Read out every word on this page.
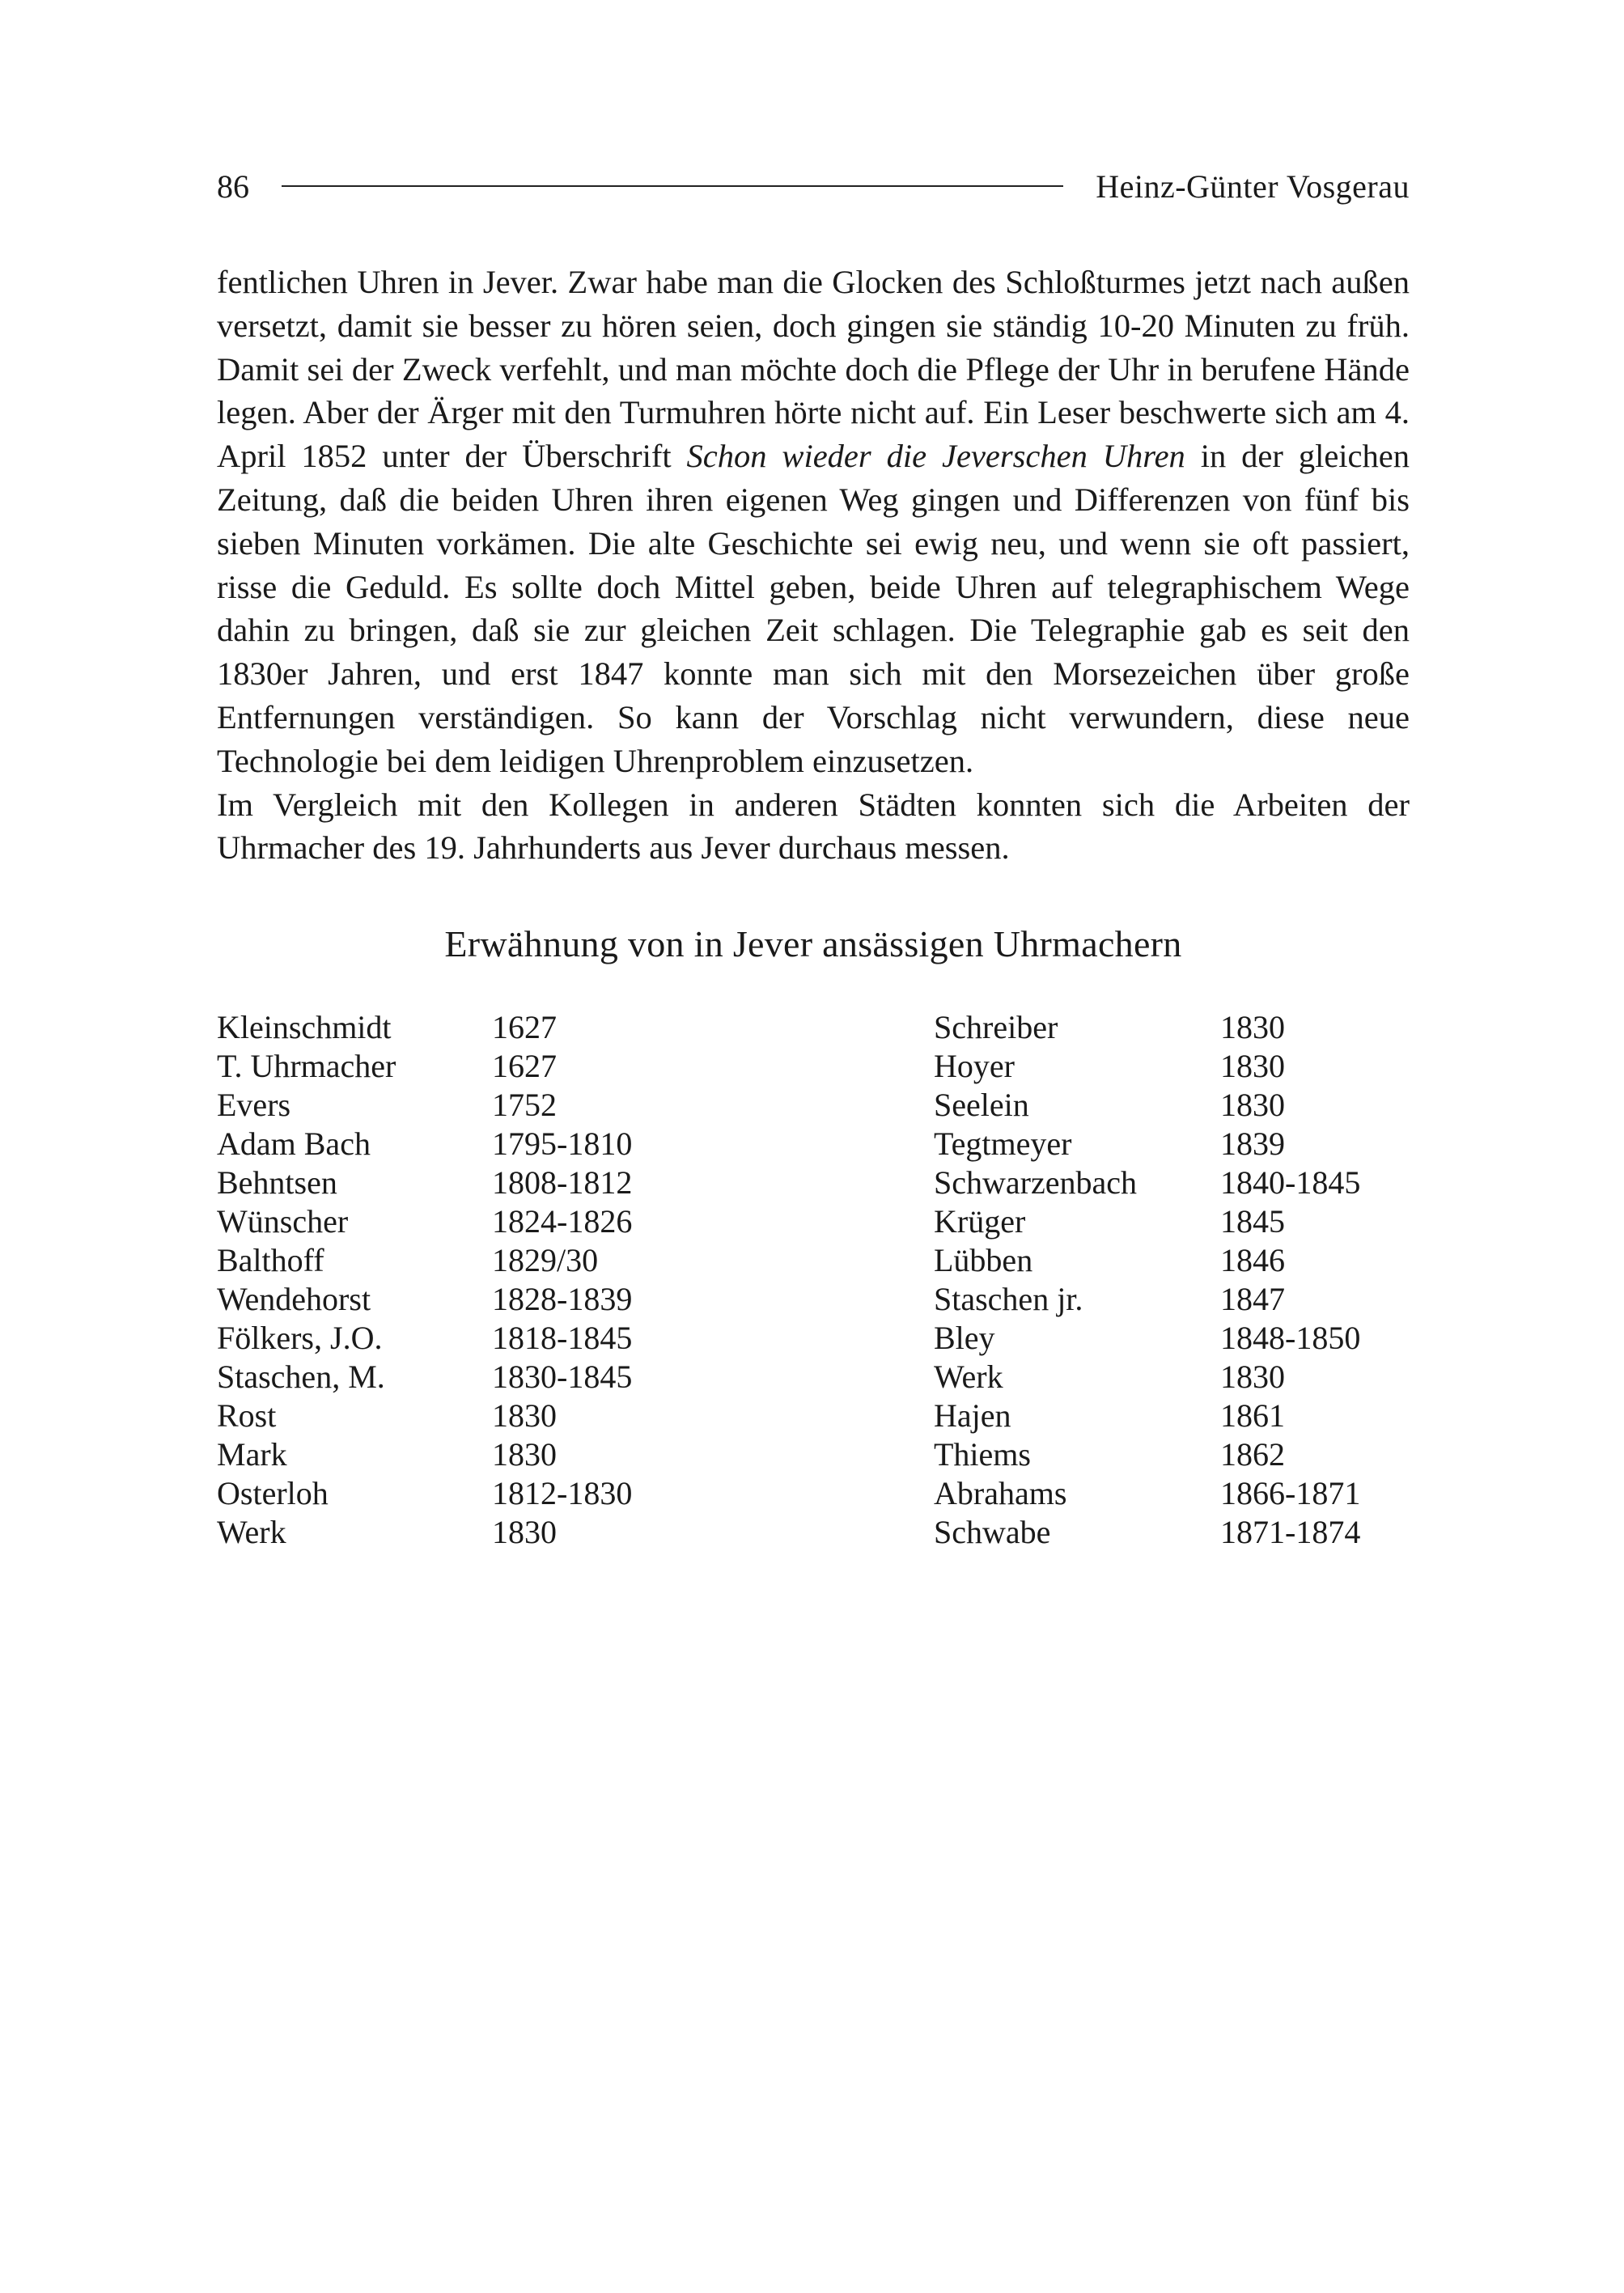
86	Heinz-Günter Vosgerau

fentlichen Uhren in Jever. Zwar habe man die Glocken des Schloßturmes jetzt nach außen versetzt, damit sie besser zu hören seien, doch gingen sie ständig 10-20 Minuten zu früh. Damit sei der Zweck verfehlt, und man möchte doch die Pflege der Uhr in berufene Hände legen. Aber der Ärger mit den Turmuhren hörte nicht auf. Ein Leser beschwerte sich am 4. April 1852 unter der Überschrift Schon wieder die Jeverschen Uhren in der gleichen Zeitung, daß die beiden Uhren ihren eigenen Weg gingen und Differenzen von fünf bis sieben Minuten vorkämen. Die alte Geschichte sei ewig neu, und wenn sie oft passiert, risse die Geduld. Es sollte doch Mittel geben, beide Uhren auf telegraphischem Wege dahin zu bringen, daß sie zur gleichen Zeit schlagen. Die Telegraphie gab es seit den 1830er Jahren, und erst 1847 konnte man sich mit den Morsezeichen über große Entfernungen verständigen. So kann der Vorschlag nicht verwundern, diese neue Technologie bei dem leidigen Uhrenproblem einzusetzen.

Im Vergleich mit den Kollegen in anderen Städten konnten sich die Arbeiten der Uhrmacher des 19. Jahrhunderts aus Jever durchaus messen.

Erwähnung von in Jever ansässigen Uhrmachern
Kleinschmidt	1627
T. Uhrmacher	1627
Evers	1752
Adam Bach	1795-1810
Behntsen	1808-1812
Wünscher	1824-1826
Balthoff	1829/30
Wendehorst	1828-1839
Fölkers, J.O.	1818-1845
Staschen, M.	1830-1845
Rost	1830
Mark	1830
Osterloh	1812-1830
Werk	1830
Schreiber	1830
Hoyer	1830
Seelein	1830
Tegtmeyer	1839
Schwarzenbach	1840-1845
Krüger	1845
Lübben	1846
Staschen jr.	1847
Bley	1848-1850
Werk	1830
Hajen	1861
Thiems	1862
Abrahams	1866-1871
Schwabe	1871-1874
